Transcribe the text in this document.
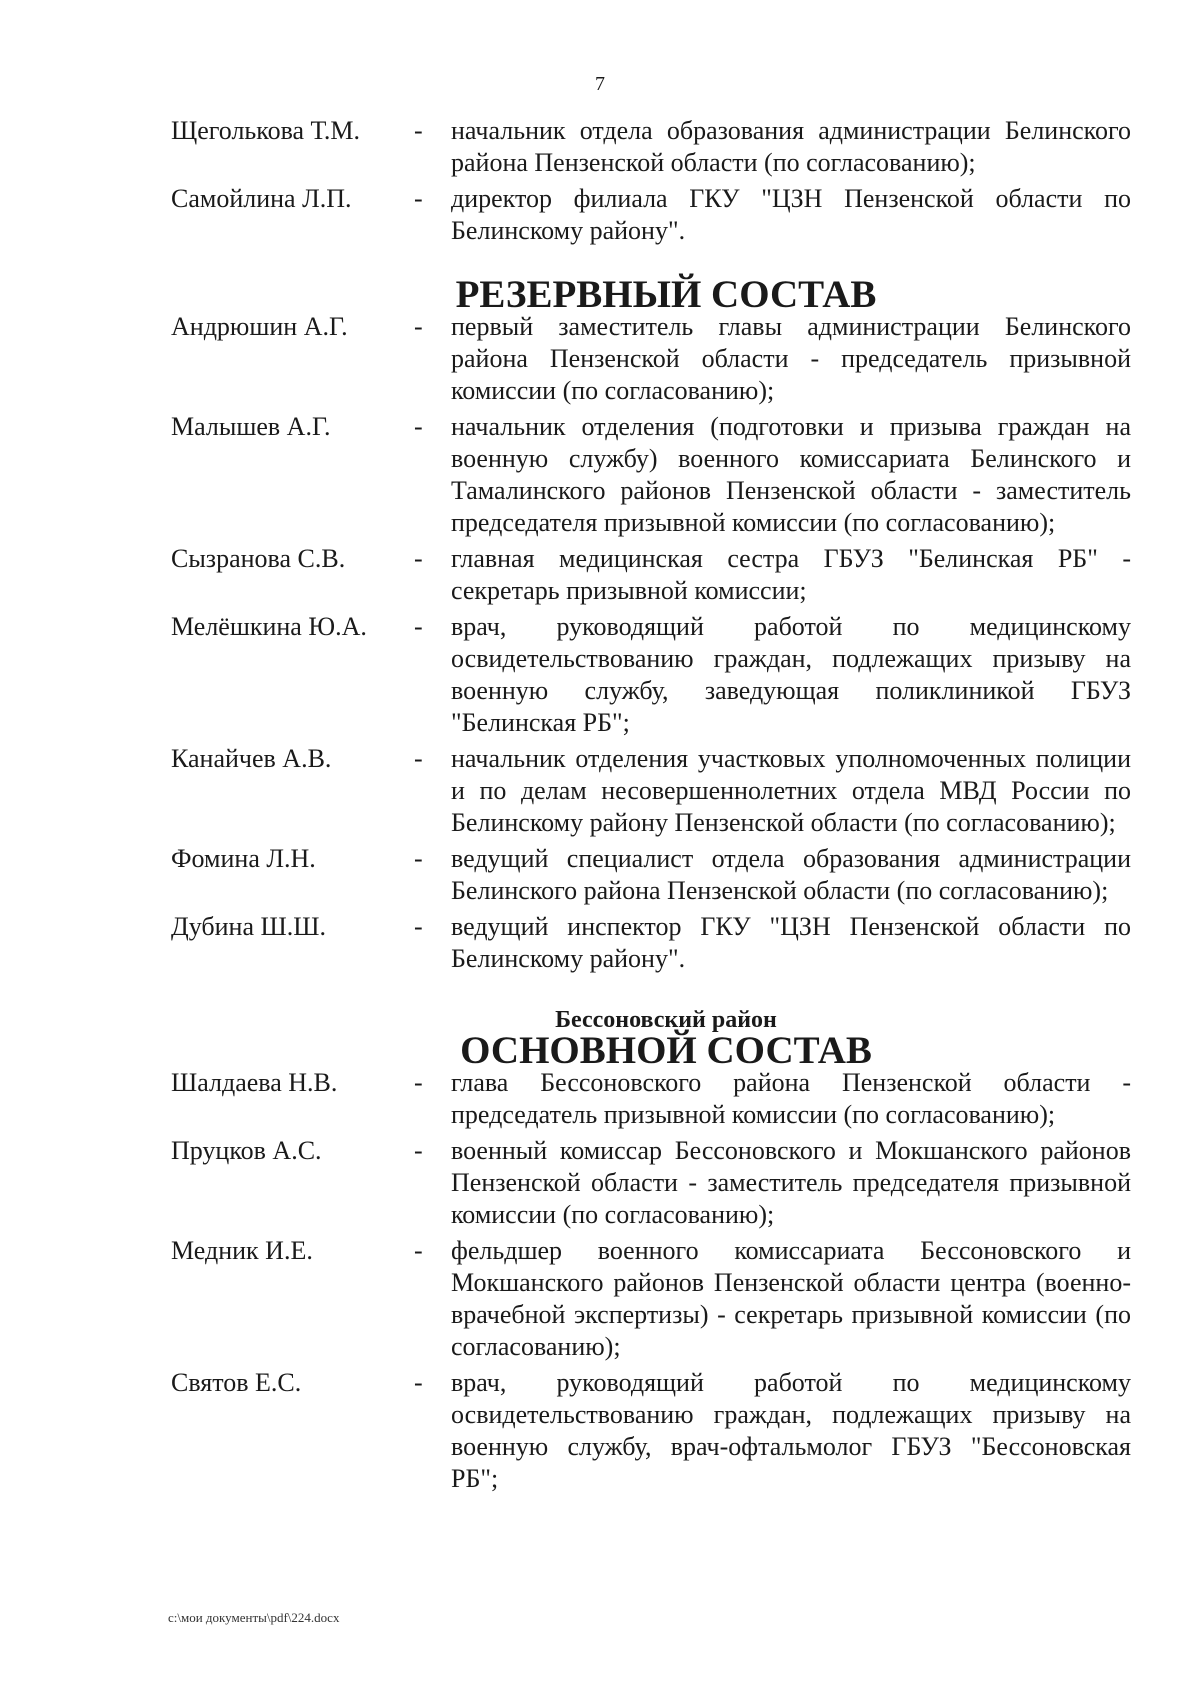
7
Щеголькова Т.М.	-	начальник отдела образования администрации Белинского района Пензенской области (по согласованию);
Самойлина Л.П.	-	директор филиала ГКУ "ЦЗН Пензенской области по Белинскому району".
РЕЗЕРВНЫЙ СОСТАВ
Андрюшин А.Г.	-	первый заместитель главы администрации Белинского района Пензенской области - председатель призывной комиссии (по согласованию);
Малышев А.Г.	-	начальник отделения (подготовки и призыва граждан на военную службу) военного комиссариата Белинского и Тамалинского районов Пензенской области - заместитель председателя призывной комиссии (по согласованию);
Сызранова С.В.	-	главная медицинская сестра ГБУЗ "Белинская РБ" - секретарь призывной комиссии;
Мелёшкина Ю.А.	-	врач, руководящий работой по медицинскому освидетельствованию граждан, подлежащих призыву на военную службу, заведующая поликлиникой ГБУЗ "Белинская РБ";
Канайчев А.В.	-	начальник отделения участковых уполномоченных полиции и по делам несовершеннолетних отдела МВД России по Белинскому району Пензенской области (по согласованию);
Фомина Л.Н.	-	ведущий специалист отдела образования администрации Белинского района Пензенской области (по согласованию);
Дубина Ш.Ш.	-	ведущий инспектор ГКУ "ЦЗН Пензенской области по Белинскому району".
Бессоновский район
ОСНОВНОЙ СОСТАВ
Шалдаева Н.В.	-	глава Бессоновского района Пензенской области - председатель призывной комиссии (по согласованию);
Пруцков А.С.	-	военный комиссар Бессоновского и Мокшанского районов Пензенской области - заместитель председателя призывной комиссии (по согласованию);
Медник И.Е.	-	фельдшер военного комиссариата Бессоновского и Мокшанского районов Пензенской области центра (военно-врачебной экспертизы) - секретарь призывной комиссии (по согласованию);
Святов Е.С.	-	врач, руководящий работой по медицинскому освидетельствованию граждан, подлежащих призыву на военную службу, врач-офтальмолог ГБУЗ "Бессоновская РБ";
c:\мои документы\pdf\224.docx
